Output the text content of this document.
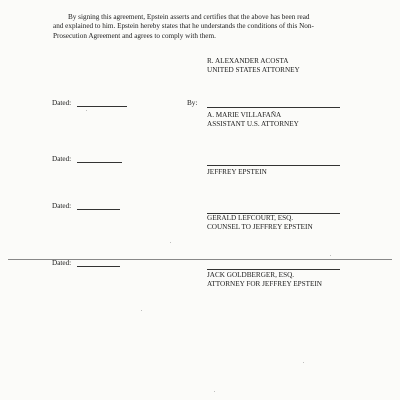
By signing this agreement, Epstein asserts and certifies that the above has been read
and explained to him. Epstein hereby states that he understands the conditions of this Non-
Prosecution Agreement and agrees to comply with them.
R. ALEXANDER ACOSTA
UNITED STATES ATTORNEY
Dated:	By:
A. MARIE VILLAFAÑA
ASSISTANT U.S. ATTORNEY
Dated:
JEFFREY EPSTEIN
Dated:
GERALD LEFCOURT, ESQ.
COUNSEL TO JEFFREY EPSTEIN
Dated:
JACK GOLDBERGER, ESQ.
ATTORNEY FOR JEFFREY EPSTEIN
